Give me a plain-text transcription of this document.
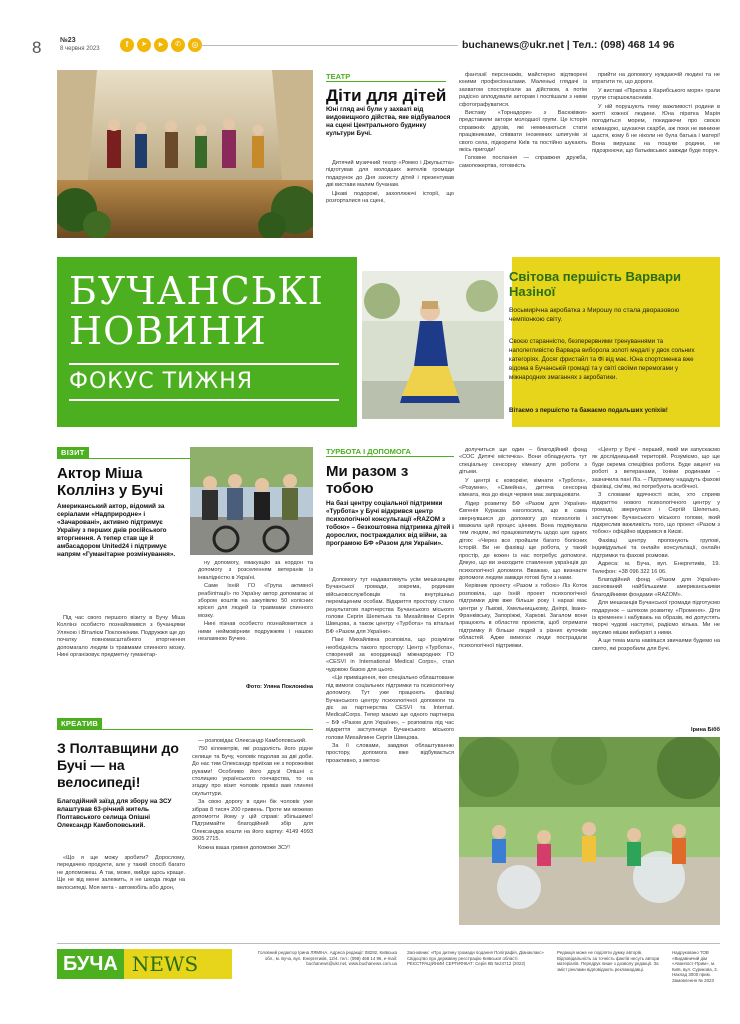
8	№23
8 червня 2023	f	➤	▶	✆	◎	buchanews@ukr.net | Тел.: (098) 468 14 96
ТЕАТР
Діти для дітей
Юні гляд ачі були у захваті від видовищного дійства, яке відбувалося на сцені Центрального будинку культури Бучі.

Дитячий музичний театр «Ромео і Джульєтта» підготував для молодших жителів громади подарунок до Дня захисту дітей і презентував дві вистави малим бучанам.

Цікаві подорожі, захоплюючі історії, що розгорталися на сцені,

фантазії персонажів, майстерно відтворені юними професіоналами. Маленькі глядачі із захватом спостерігали за дійством, а потім радісно аплодували акторам і поспішали з ними сфотографуватися.

Виставу «Торнадори» з Васюківки» представили актори молодшої групи. Це історія справжніх друзів, які неминаються стати працівниками, співвати іноземних шпигунів зі свого села, підкорити Київ та постійно шукають якісь пригоди!

Головне послання — справжня дружба, самопожертва, готовність

прийти на допомогу нуждаючій людині та не втратити те, що дороги.

У виставі «Піратка з Карибського моря» грали групи старшокласників.

У ній порушують тему важливості родини в житті кожної людини. Юна піратка Марія погодиться морем, покидаючи про своєю командою, шукаючи скарби, аж поки не виникне щастя, кому б не ніколи не була батька і матері! Вона вирушає на пошуки родини, не підозрюючи, що батьківських завжди буде поруч.

БУЧАНСЬКІ
НОВИНИ
ФОКУС ТИЖНЯ
Світова першість Варвари Назіної
Восьмирічна акробатка з Мирошу по стала дворазовою чемпіонкою світу.
Своєю старанністю, безперервними тренуваннями та наполегливістю Варвара виборола золоті медалі у двох сольних категоріях. Досяг фристайл та Фі від має. Юна спортсменка вже відома в Бучанській громаді та у світі своїми перемогами у міжнародних змаганнях з акробатики.
Вітаємо з першістю та бажаємо подальших успіхів!
ВІЗИТ
Актор Міша Коллінз у Бучі
Американський актор, відомий за серіалами «Надприродне» і «Зачаровані», активно підтримує Україну з перших днів російського вторгнення. А тепер став ще й амбасадором United24 і підтримує напрям «Гуманітарне розмінування».
Під час свого першого візиту в Бучу Міша Коллінз особисто познайомився з бучанцями Уляною і Віталієм Поклонкіним. Подружжя ще до початку повномасштабного вторгнення допомагало людям із травмами спинного мозку. Нині організовує предметну гуманітар-

ну допомогу, евакуацію за кордон та допомогу з розселенням ветеранів із інвалідністю в Україні.

Саме їхній ГО «Група активної реабілітації» по Україну автор допомагає зі збором коштів на закупівлю 50 колісних крісел для людей із травмами спинного мозку.

Нині пізнав особисто познайомитися з ними неймовірним подружжям і нашою незламною Бучею.

Фото: Уляна Поклонкіна
КРЕАТИВ
З Полтавщини до Бучі — на велосипеді!
Благодійний заїзд для збору на ЗСУ влаштував 63-річний житель Полтавського селища Опішні Олександр Камбоповський.
«Що я ще можу зробити? Дорослому, передачею продукти, але у такий спосіб багато не допоможеш. А так, може, вийде щось краще. Ще не від мене залежить, я не шкода люди на велосипеді. Моя мета - автомобіль або дрон,

— розповідає Олександр Камбоповський.

750 кілометрів, які роздолість його рідне селище та Бучу, чоловік подолав за дві доби. До нас тим Олександр приїхав не з порожніми руками! Особливо його друзі Опішні є столицею українського гончарства, то на згадку про візит чоловік привіз вам глиняні скульптури.

За свою дорогу в один бік чоловік уже зібрав 8 тисяч 200 гривень. Проте ми можемо допомогти йому у цій справі: збільшимо! Підтримайте благодійний збір для Олександра кошти на його картку: 4149 4993 3605 2715.

Кожна ваша гривня допоможе ЗСУ!

ТУРБОТА І ДОПОМОГА
Ми разом з тобою
На базі центру соціальної підтримки «Турбота» у Бучі відкрився центр психологічної консультації «RAZOM з тобою» – безкоштовна підтримка дітей і дорослих, постраждалих від війни, за програмою БФ «Разом для України».

Допомогу тут надаватимуть усім мешканцям Бучанської громади, зокрема, родинам військовослужбовців та внутрішньо переміщеним особам. Відкриття простору стало результатом партнерства Бучанського міського голови Сергія Шепетька та Михайлівни Сергія Швецова, а також центру «Турбота» та вітальні БФ «Разом для України».

Пані Михайлівна розповіла, що розуміли необхідність такого простору: Центр «Турбота», створений за координації міжнародних ГО «CESVI in International Medical Corps», стал чудовою базою для цього.

«Це приміщення, яке спеціально облаштоване під вимоги соціальних підтримки та психологічну допомогу. Тут уже працюють фахівці Бучанського центру психологічної допомоги та діє за партнерства CESVI та Internat. MedicalCorps. Тепер маємо ще одного партнера – БФ «Разом для України», – розповіла під час відкриття заступниця Бучанського міського голови Михайлине Сергія Швецова.

За її словами, завдяки облаштуванню простору, допомога вже відбувається проактивно, з метою

долучиться ще один – благодійний фонд «СОС Дитячі містечка». Вони обладнують тут спеціальну сенсорну кімнату для роботи з дітьми.

У центрі є коворкінг, кімнати «Турбота», «Розумне», «Сімейна», дитяча сенсорна кімната, яка до кінця червня має запрацювати.

Лідер розвитку БФ «Разом для України» Євгенія Кураєва наголосила, що в сама звернувшися до допомогу до психологів і вважала цей процес цінним. Вона подякувала тим людям, які працюватимуть щодо цих одних дітях: «Через все пройшли багато болісних історій. Ви не фахівці ще робота, у такий простір, де кожен із нас потребує допомоги. Дякую, що ви знаходите ставлення українців до психологічної допомоги. Вважаю, що визнаєте допомоги людям завжди готові бути з нами.

Керівник проекту «Разом з тобою» Ліз Коток розповіла, що їхній проект психологічної підтримки діяв вже більше року і наразі має центри у Львові, Хмельницькому, Дніпрі, Івано-Франківську, Запоріжжі, Харкові. Загалом вони працюють в областях проектів, щоб отримати підтримку й більше людей з різних куточків областей. Адже вимогах люди пострадали психологічної підтримки.

«Центр у Бучі - перший, який ми запускаємо як дослідницький територій. Розуміємо, що ще буде окрема спеціфіка роботи. Буде акцент на роботі з ветеранами, їхніми родинами – зазначила пані Ліз. – Підтримку нададуть фахові фахівці, сім'ям, які потребують всебічної.

З словами вдячності всім, хто сприяв відкриттю нового психологічного центру у громаді, звернулася і Сергій Шепетько, заступник Бучанського міського голови, який підкреслив важливість того, що проект «Разом з тобою» офіційно відкрився в Києві.

Фахівці центру пропонують групові, індивідуальні та онлайн консультації, онлайн підтримки та фахові розмови.

Адреса: м. Буча, вул. Енергетиків, 19. Телефон: +38 096 322 16 06.

Благодійний фонд «Разом для України» заснований найбільшими американськими благодійними фондами «RAZOM».

Для мешканців Бучанської громади підготуємо подарунок – шляхом розвитку «Променя». Діти із кременен і набуваюь на образів, які допустять творчі чудові наступні, радіємо кілька. Ми не мусимо мішки вибираті з ними.

А ще тема мала навіяшся звичаями будемо на свято, які розробили для Бучі.

Ірина Бібб
БУЧА NEWS	Головний редактор Ірина ЛЯМІНА. Адреса редакції: 08292, Київська обл., м. Буча, вул. Енергетиків, 12/4. тел.: (098) 468 14 96, e-mail: buchanews@ukr.net, www.buchanews.com.ua
Засновник: «Про дитину громади подання Поліграфія, Діанаклакс» Свідоцтво про державну реєстрацію Київської області. РЕЄСТРАЦІЙНИЙ СЕРТИФІКАТ: Серія КВ №24712 (2022)
Редакція може не поділяти думку авторів. Відповідальність за точність фактів несуть автори матеріалів. Передрук лише з дозволу редакції. За зміст реклами відповідають рекламодавці.
Надруковано ТОВ «Видавничий дім «Аванпост-Прим», м. Київ, вул. Сурикова, 3. Наклад 3000 прим. Замовлення № 2023
